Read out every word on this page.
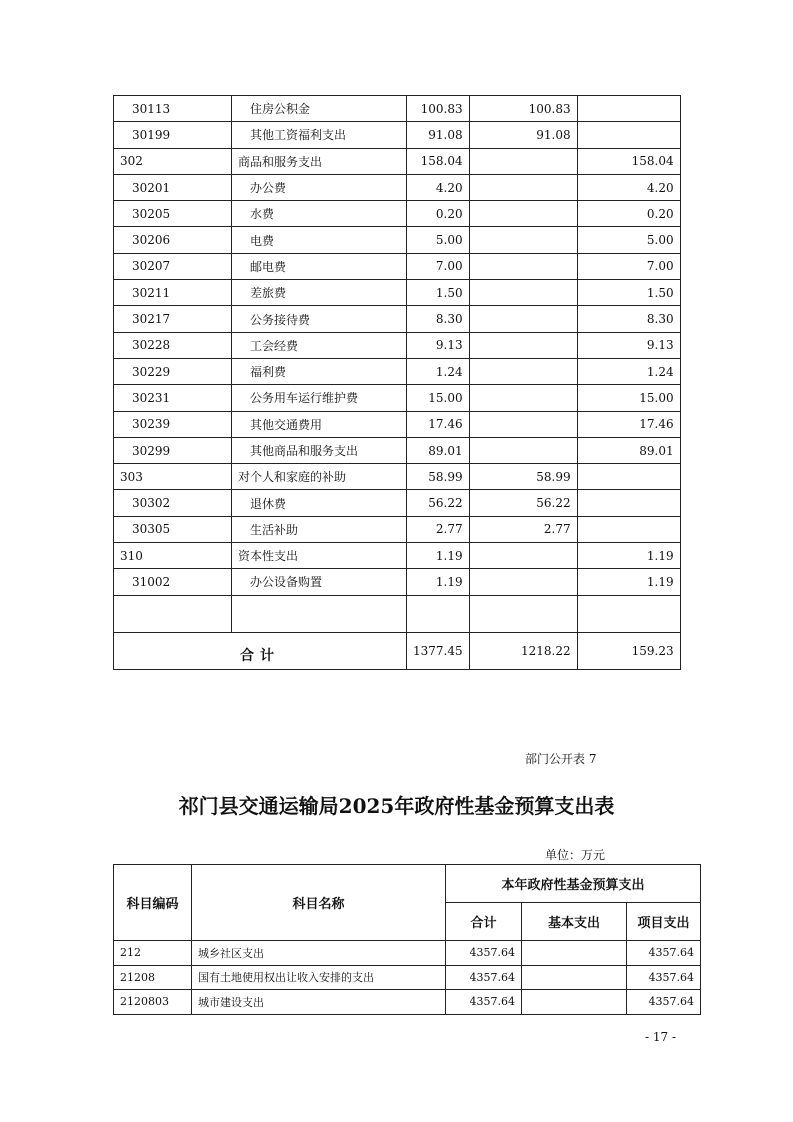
30113	住房公积金	100.83	100.83	
30199	其他工资福利支出	91.08	91.08	
302	商品和服务支出	158.04		158.04
30201	办公费	4.20		4.20
30205	水费	0.20		0.20
30206	电费	5.00		5.00
30207	邮电费	7.00		7.00
30211	差旅费	1.50		1.50
30217	公务接待费	8.30		8.30
30228	工会经费	9.13		9.13
30229	福利费	1.24		1.24
30231	公务用车运行维护费	15.00		15.00
30239	其他交通费用	17.46		17.46
30299	其他商品和服务支出	89.01		89.01
303	对个人和家庭的补助	58.99	58.99	
30302	退休费	56.22	56.22	
30305	生活补助	2.77	2.77	
310	资本性支出	1.19		1.19
31002	办公设备购置	1.19		1.19

合计		1377.45	1218.22	159.23
部门公开表 7
祁门县交通运输局2025年政府性基金预算支出表
单位：万元
科目编码	科目名称	本年政府性基金预算支出		
		合计	基本支出	项目支出
212	城乡社区支出	4357.64		4357.64
21208	国有土地使用权出让收入安排的支出	4357.64		4357.64
2120803	城市建设支出	4357.64		4357.64
- 17 -
